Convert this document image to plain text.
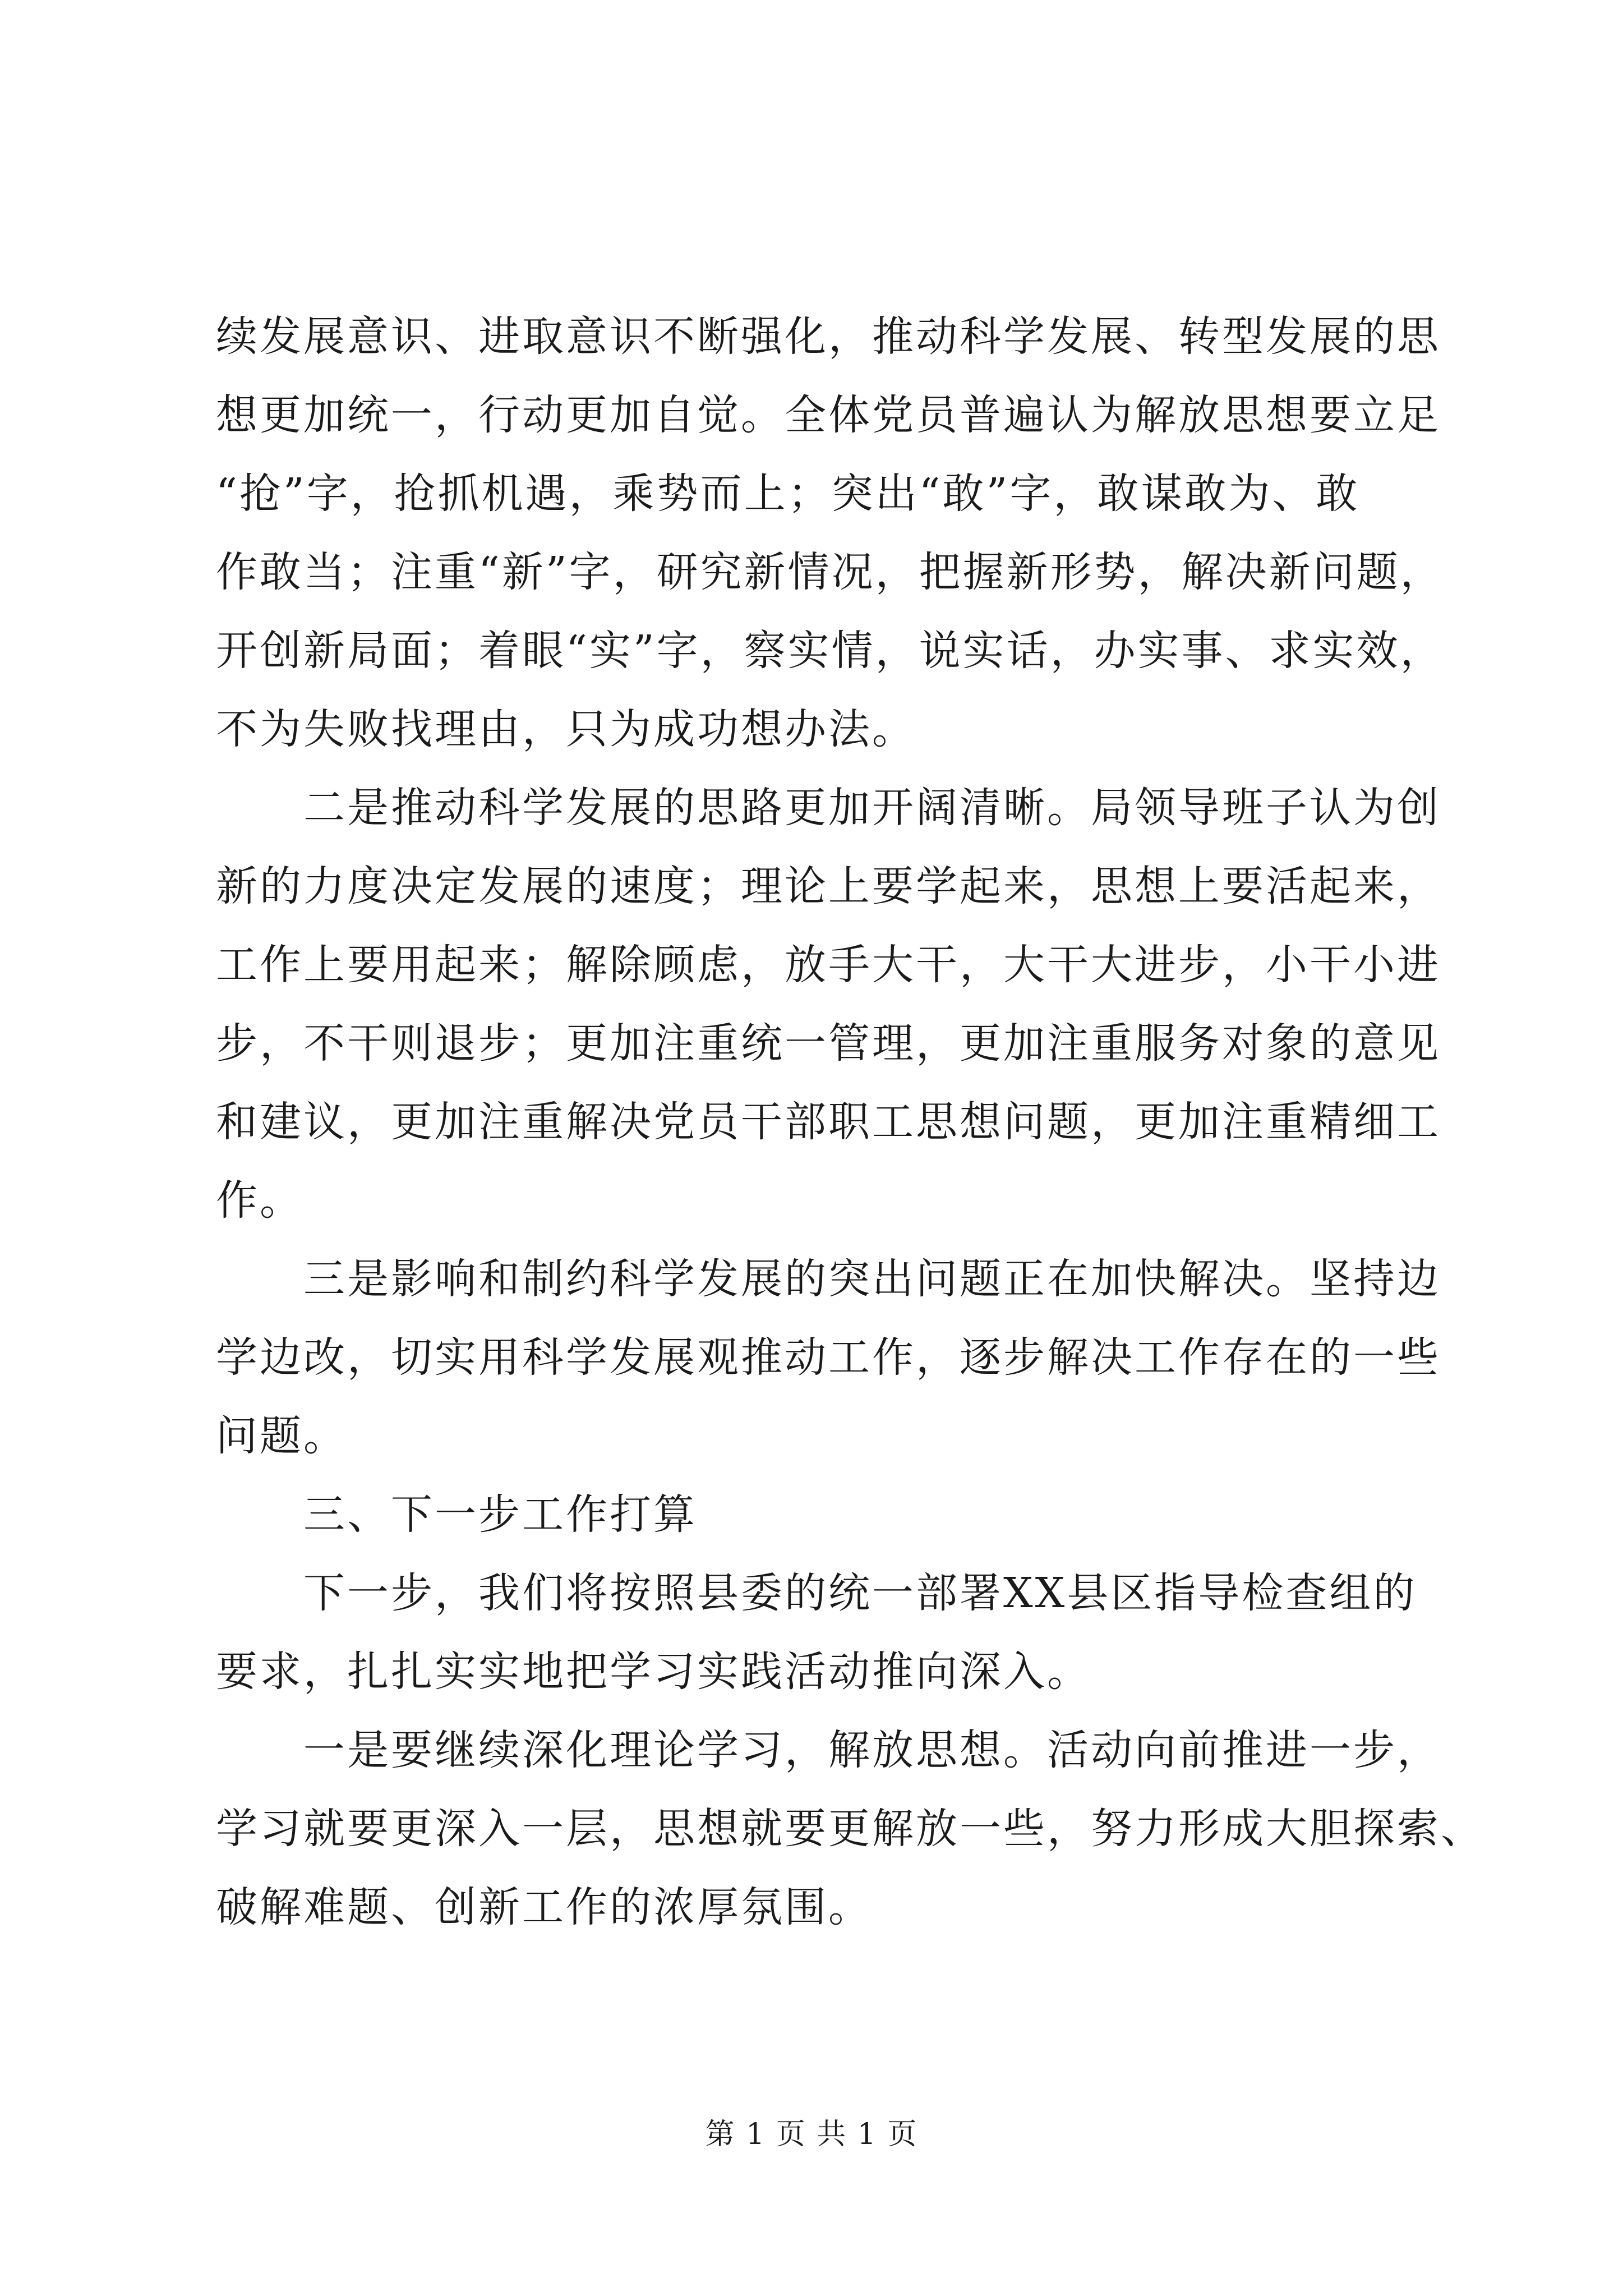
续发展意识、进取意识不断强化，推动科学发展、转型发展的思
想更加统一，行动更加自觉。全体党员普遍认为解放思想要立足
“抢”字，抢抓机遇，乘势而上；突出“敢”字，敢谋敢为、敢
作敢当；注重“新”字，研究新情况，把握新形势，解决新问题，
开创新局面；着眼“实”字，察实情，说实话，办实事、求实效，
不为失败找理由，只为成功想办法。
　　二是推动科学发展的思路更加开阔清晰。局领导班子认为创
新的力度决定发展的速度；理论上要学起来，思想上要活起来，
工作上要用起来；解除顾虑，放手大干，大干大进步，小干小进
步，不干则退步；更加注重统一管理，更加注重服务对象的意见
和建议，更加注重解决党员干部职工思想问题，更加注重精细工
作。
　　三是影响和制约科学发展的突出问题正在加快解决。坚持边
学边改，切实用科学发展观推动工作，逐步解决工作存在的一些
问题。
　　三、下一步工作打算
　　下一步，我们将按照县委的统一部署XX县区指导检查组的
要求，扎扎实实地把学习实践活动推向深入。
　　一是要继续深化理论学习，解放思想。活动向前推进一步，
学习就要更深入一层，思想就要更解放一些，努力形成大胆探索、
破解难题、创新工作的浓厚氛围。
第 1 页 共 1 页
